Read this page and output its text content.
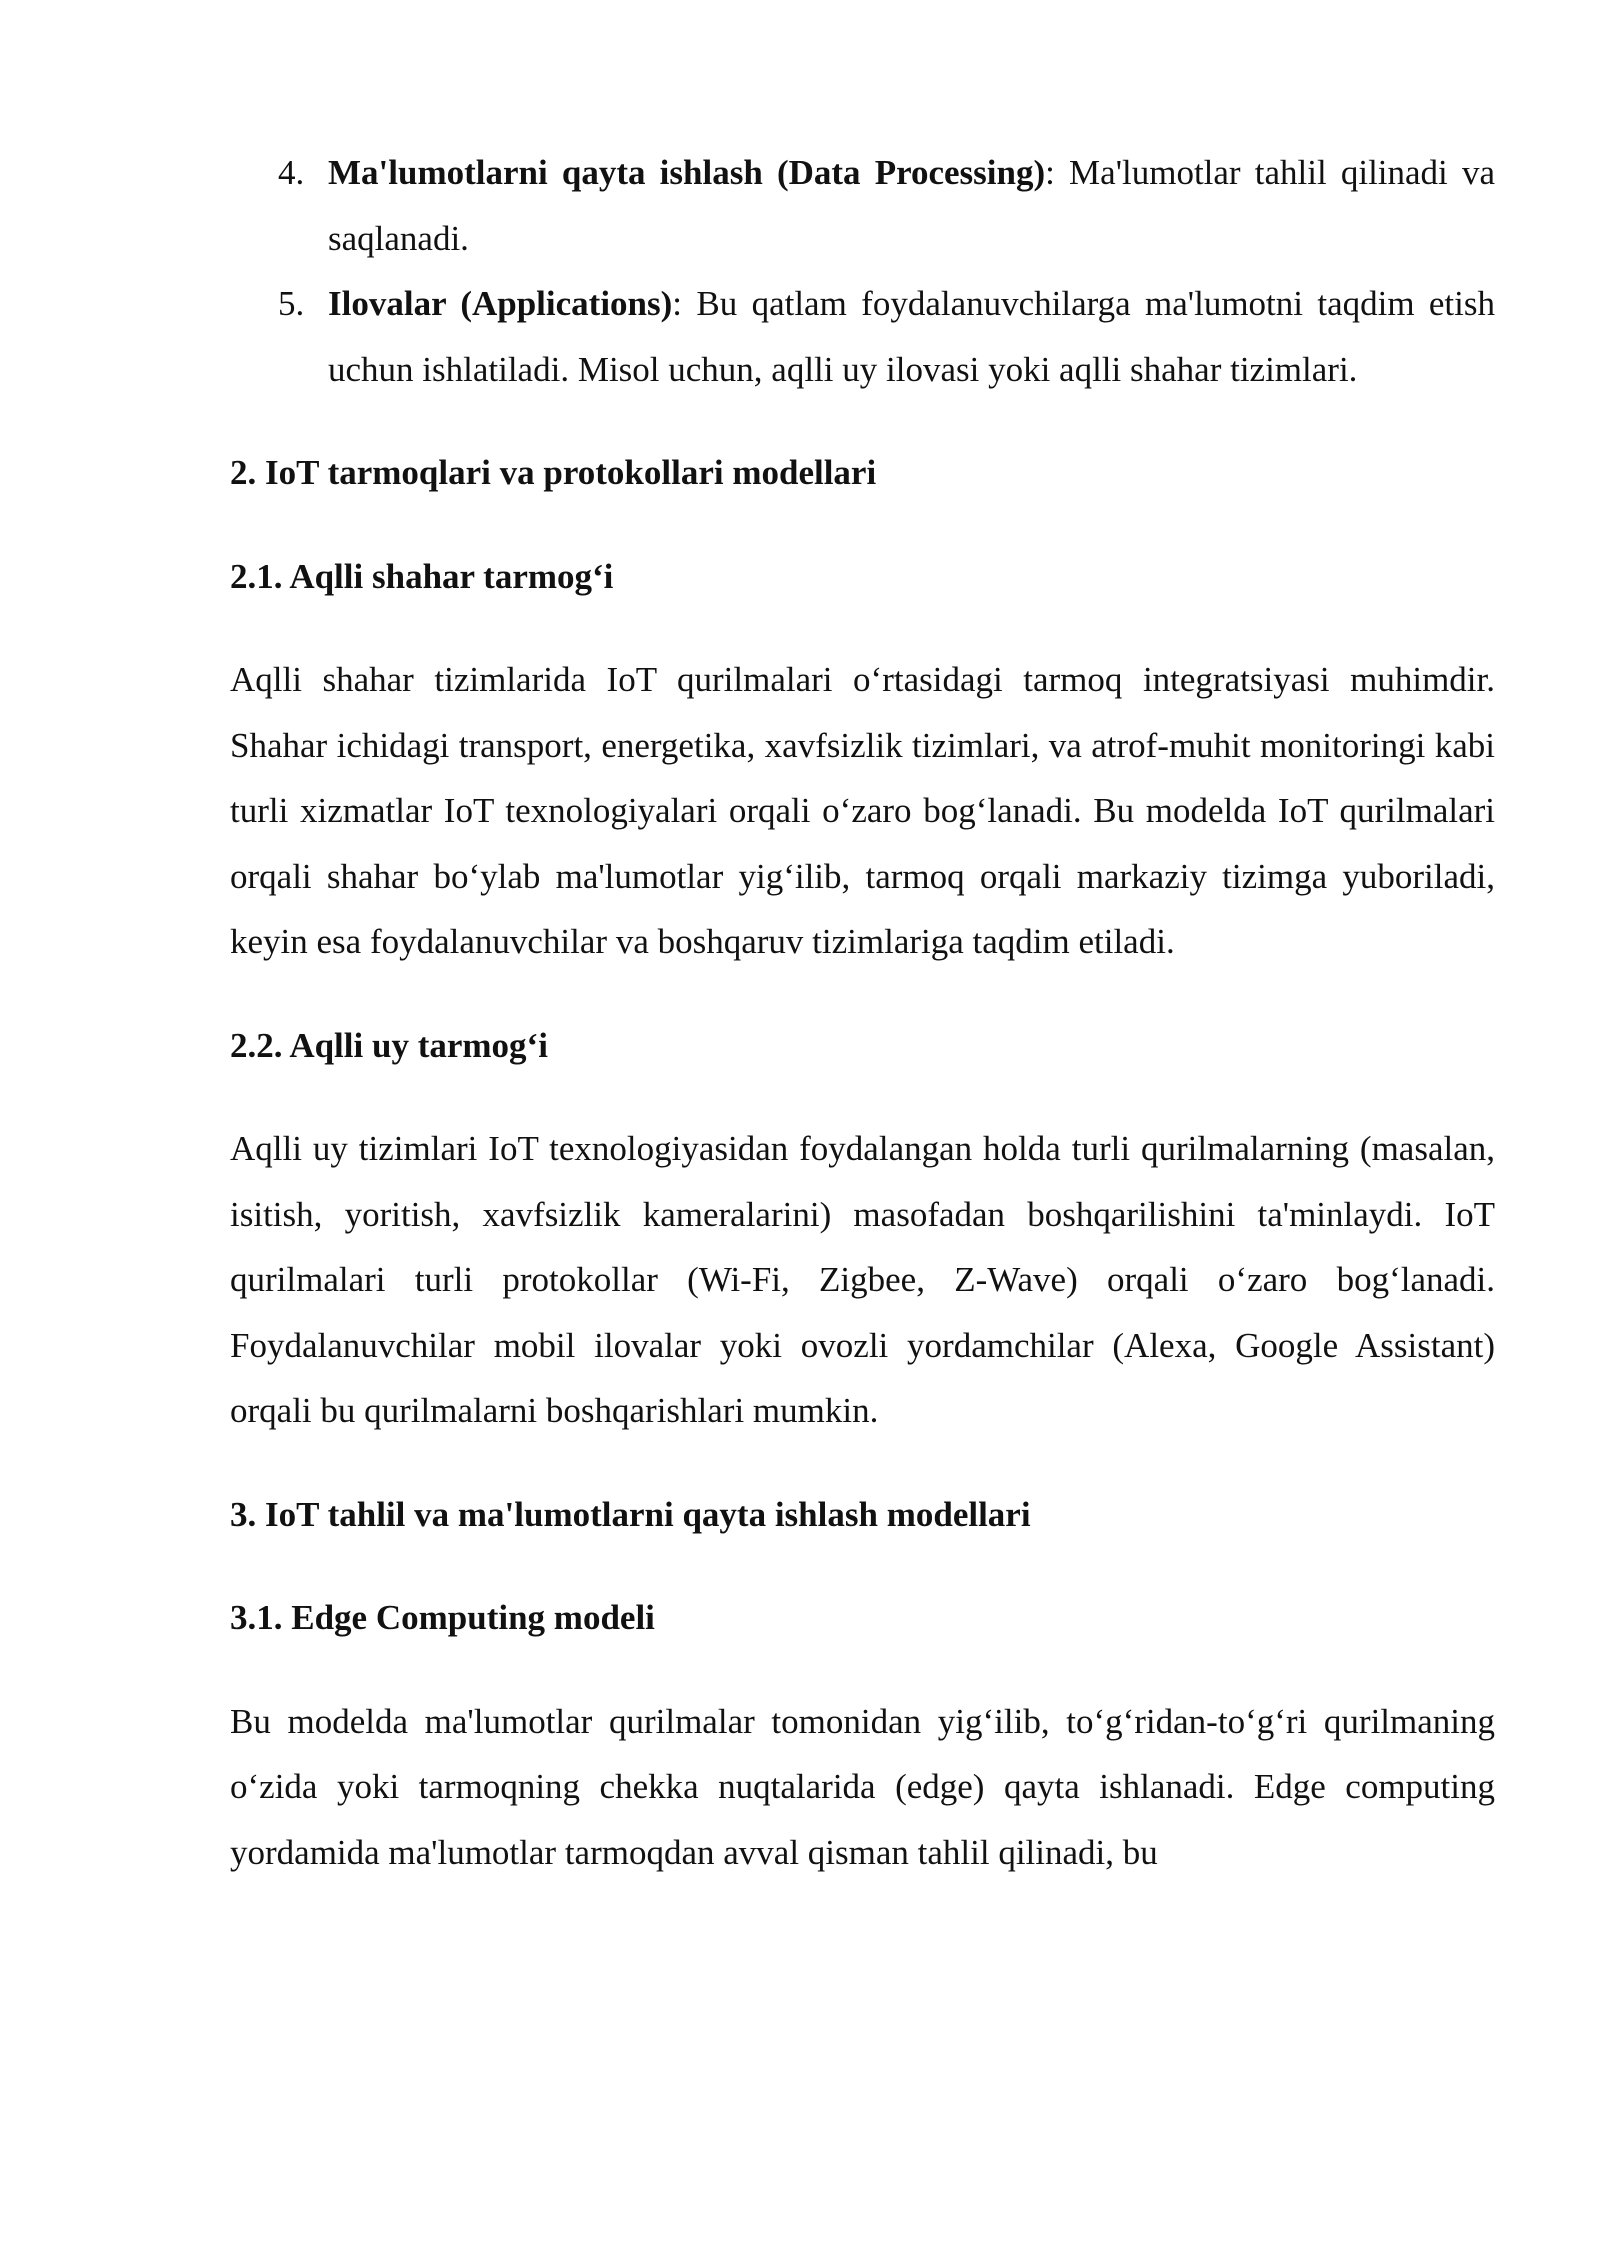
4. Ma'lumotlarni qayta ishlash (Data Processing): Ma'lumotlar tahlil qilinadi va saqlanadi.
5. Ilovalar (Applications): Bu qatlam foydalanuvchilarga ma'lumotni taqdim etish uchun ishlatiladi. Misol uchun, aqlli uy ilovasi yoki aqlli shahar tizimlari.
2. IoT tarmoqlari va protokollari modellari
2.1. Aqlli shahar tarmog‘i

Aqlli shahar tizimlarida IoT qurilmalari o‘rtasidagi tarmoq integratsiyasi muhimdir. Shahar ichidagi transport, energetika, xavfsizlik tizimlari, va atrof-muhit monitoringi kabi turli xizmatlar IoT texnologiyalari orqali o‘zaro bog‘lanadi. Bu modelda IoT qurilmalari orqali shahar bo‘ylab ma'lumotlar yig‘ilib, tarmoq orqali markaziy tizimga yuboriladi, keyin esa foydalanuvchilar va boshqaruv tizimlariga taqdim etiladi.

2.2. Aqlli uy tarmog‘i

Aqlli uy tizimlari IoT texnologiyasidan foydalangan holda turli qurilmalarning (masalan, isitish, yoritish, xavfsizlik kameralarini) masofadan boshqarilishini ta'minlaydi. IoT qurilmalari turli protokollar (Wi-Fi, Zigbee, Z-Wave) orqali o‘zaro bog‘lanadi. Foydalanuvchilar mobil ilovalar yoki ovozli yordamchilar (Alexa, Google Assistant) orqali bu qurilmalarni boshqarishlari mumkin.

3. IoT tahlil va ma'lumotlarni qayta ishlash modellari
3.1. Edge Computing modeli

Bu modelda ma'lumotlar qurilmalar tomonidan yig‘ilib, to‘g‘ridan-to‘g‘ri qurilmaning o‘zida yoki tarmoqning chekka nuqtalarida (edge) qayta ishlanadi. Edge computing yordamida ma'lumotlar tarmoqdan avval qisman tahlil qilinadi, bu
